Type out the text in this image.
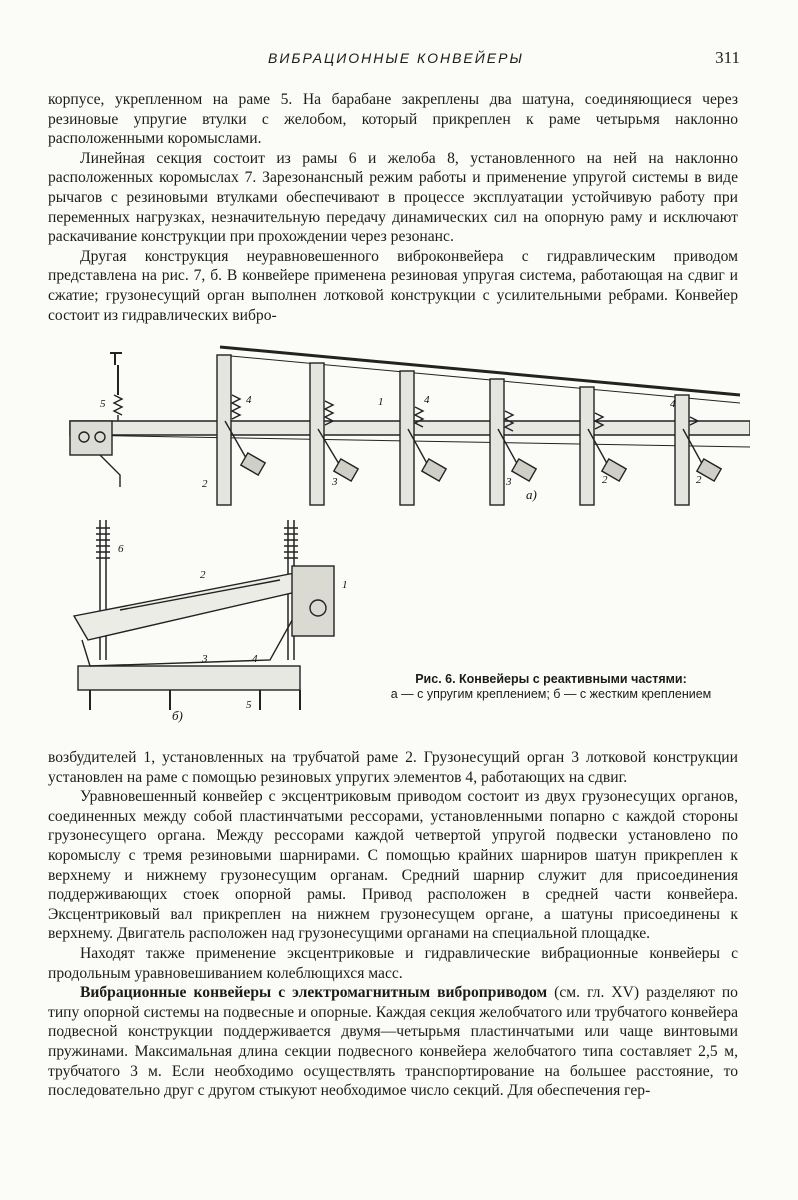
ВИБРАЦИОННЫЕ КОНВЕЙЕРЫ	311

корпусе, укрепленном на раме 5. На барабане закреплены два шатуна, соединяющиеся через резиновые упругие втулки с желобом, который прикреплен к раме четырьмя наклонно расположенными коромыслами.

Линейная секция состоит из рамы 6 и желоба 8, установленного на ней на наклонно расположенных коромыслах 7. Зарезонансный режим работы и применение упругой системы в виде рычагов с резиновыми втулками обеспечивают в процессе эксплуатации устойчивую работу при переменных нагрузках, незначительную передачу динамических сил на опорную раму и исключают раскачивание конструкции при прохождении через резонанс.

Другая конструкция неуравновешенного виброконвейера с гидравлическим приводом представлена на рис. 7, б. В конвейере применена резиновая упругая система, работающая на сдвиг и сжатие; грузонесущий орган выполнен лотковой конструкции с усилительными ребрами. Конвейер состоит из гидравлических вибро-

5	4	1	4
2	3	3	2	2
4
а)
6
2
1
3	4
5
б)
Рис. 6. Конвейеры с реактивными частями:
а — с упругим креплением; б — с жестким креплением

возбудителей 1, установленных на трубчатой раме 2. Грузонесущий орган 3 лотковой конструкции установлен на раме с помощью резиновых упругих элементов 4, работающих на сдвиг.

Уравновешенный конвейер с эксцентриковым приводом состоит из двух грузонесущих органов, соединенных между собой пластинчатыми рессорами, установленными попарно с каждой стороны грузонесущего органа. Между рессорами каждой четвертой упругой подвески установлено по коромыслу с тремя резиновыми шарнирами. С помощью крайних шарниров шатун прикреплен к верхнему и нижнему грузонесущим органам. Средний шарнир служит для присоединения поддерживающих стоек опорной рамы. Привод расположен в средней части конвейера. Эксцентриковый вал прикреплен на нижнем грузонесущем органе, а шатуны присоединены к верхнему. Двигатель расположен над грузонесущими органами на специальной площадке.

Находят также применение эксцентриковые и гидравлические вибрационные конвейеры с продольным уравновешиванием колеблющихся масс.

Вибрационные конвейеры с электромагнитным виброприводом (см. гл. XV) разделяют по типу опорной системы на подвесные и опорные. Каждая секция желобчатого или трубчатого конвейера подвесной конструкции поддерживается двумя—четырьмя пластинчатыми или чаще винтовыми пружинами. Максимальная длина секции подвесного конвейера желобчатого типа составляет 2,5 м, трубчатого 3 м. Если необходимо осуществлять транспортирование на большее расстояние, то последовательно друг с другом стыкуют необходимое число секций. Для обеспечения гер-
